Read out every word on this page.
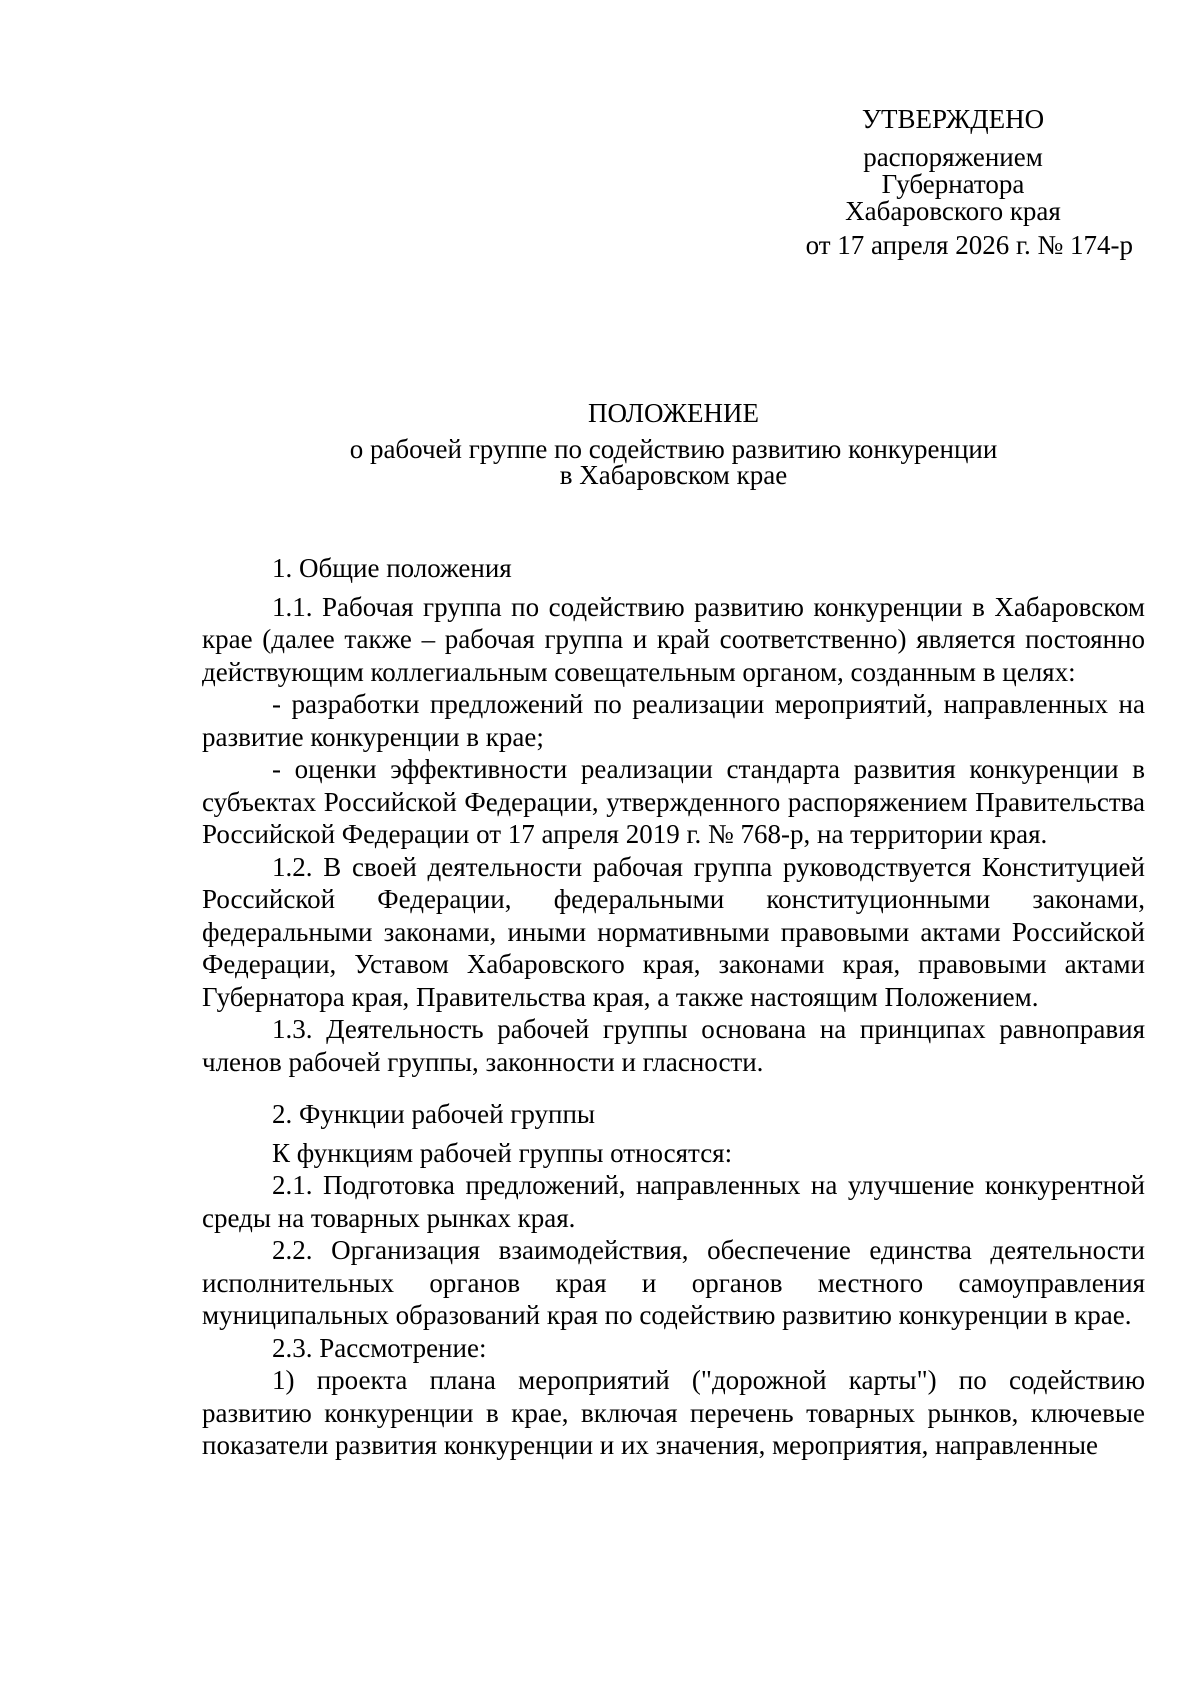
УТВЕРЖДЕНО
распоряжением
Губернатора
Хабаровского края
от 17 апреля 2026 г. № 174-р
ПОЛОЖЕНИЕ
о рабочей группе по содействию развитию конкуренции
в Хабаровском крае

1. Общие положения

1.1. Рабочая группа по содействию развитию конкуренции в Хабаровском крае (далее также – рабочая группа и край соответственно) является постоянно действующим коллегиальным совещательным органом, созданным в целях:

- разработки предложений по реализации мероприятий, направленных на развитие конкуренции в крае;

- оценки эффективности реализации стандарта развития конкуренции в субъектах Российской Федерации, утвержденного распоряжением Правительства Российской Федерации от 17 апреля 2019 г. № 768-р, на территории края.

1.2. В своей деятельности рабочая группа руководствуется Конституцией Российской Федерации, федеральными конституционными законами, федеральными законами, иными нормативными правовыми актами Российской Федерации, Уставом Хабаровского края, законами края, правовыми актами Губернатора края, Правительства края, а также настоящим Положением.

1.3. Деятельность рабочей группы основана на принципах равноправия членов рабочей группы, законности и гласности.

2. Функции рабочей группы

К функциям рабочей группы относятся:

2.1. Подготовка предложений, направленных на улучшение конкурентной среды на товарных рынках края.

2.2. Организация взаимодействия, обеспечение единства деятельности исполнительных органов края и органов местного самоуправления муниципальных образований края по содействию развитию конкуренции в крае.

2.3. Рассмотрение:

1) проекта плана мероприятий ("дорожной карты") по содействию развитию конкуренции в крае, включая перечень товарных рынков, ключевые показатели развития конкуренции и их значения, мероприятия, направленные
